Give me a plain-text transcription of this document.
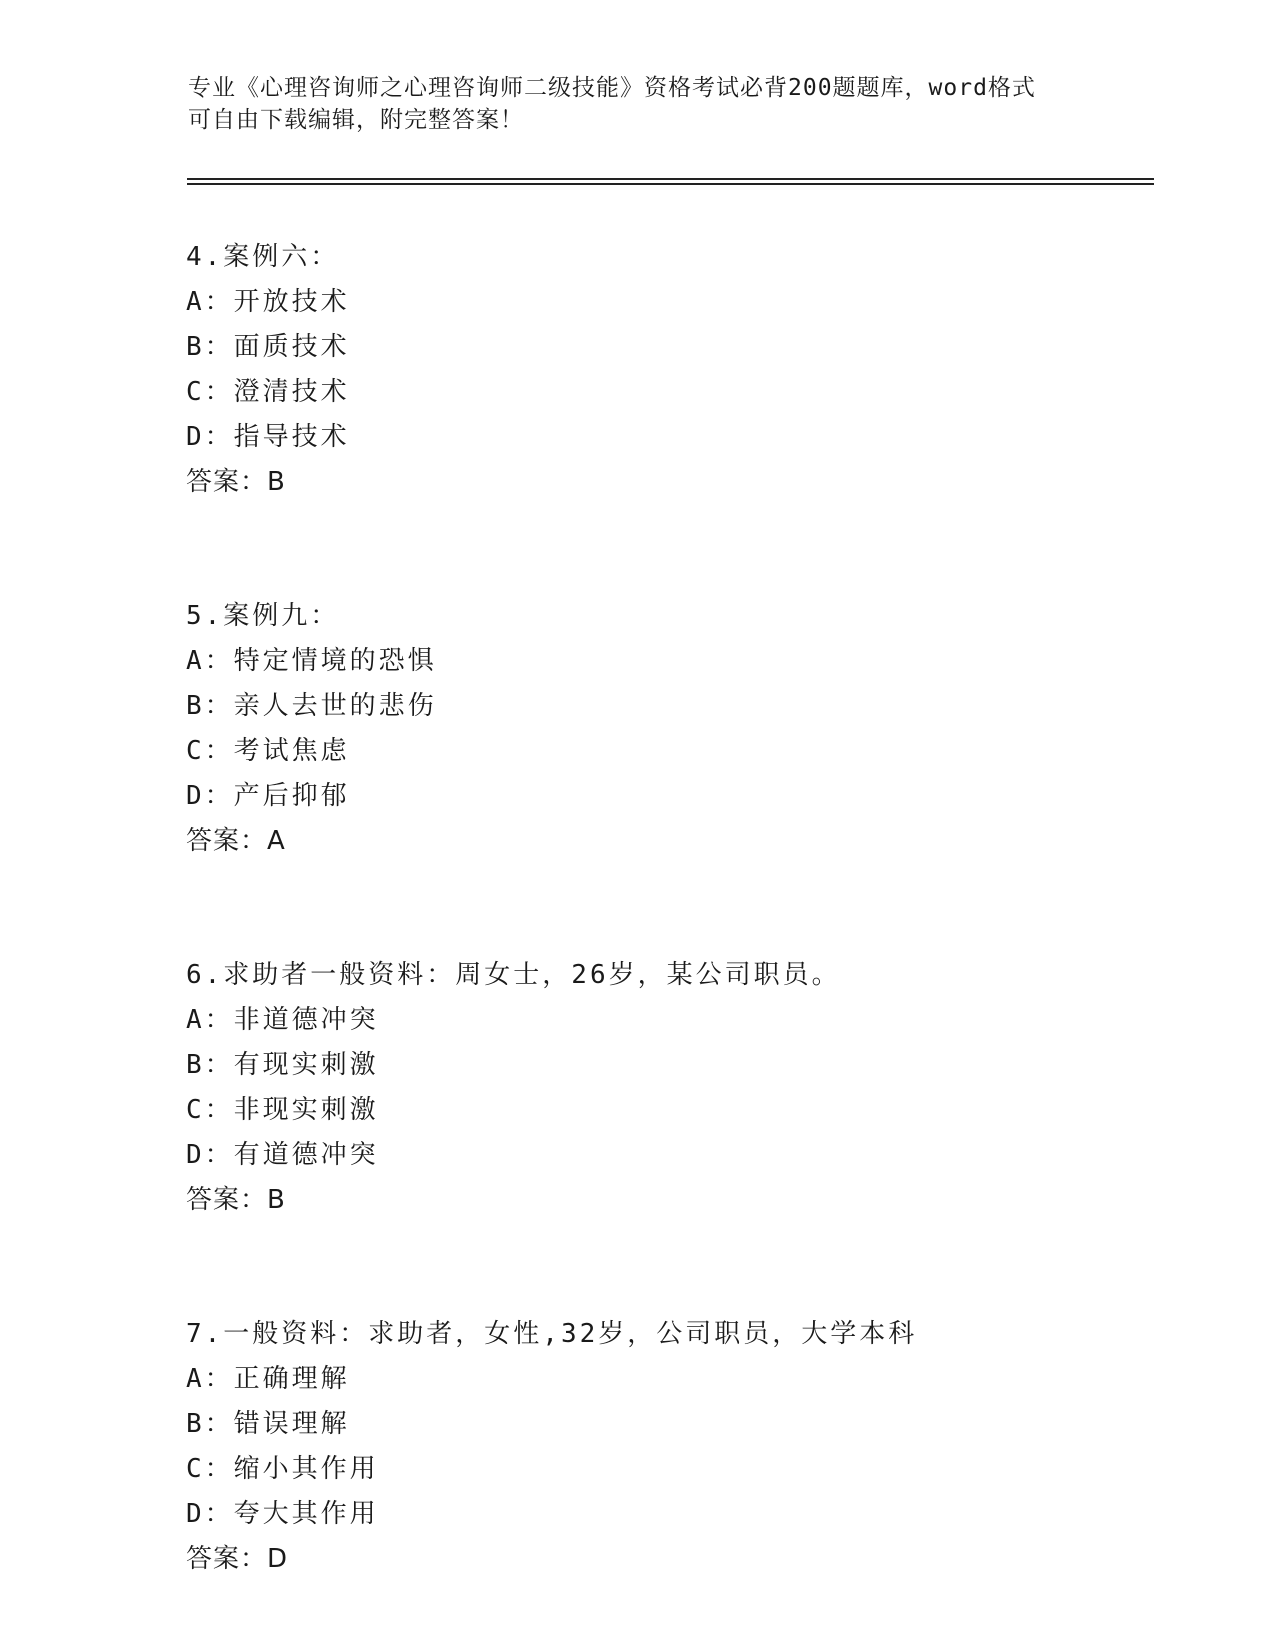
专业《心理咨询师之心理咨询师二级技能》资格考试必背200题题库，word格式
可自由下载编辑，附完整答案！
4.案例六：
A：开放技术
B：面质技术
C：澄清技术
D：指导技术
答案：B
5.案例九：
A：特定情境的恐惧
B：亲人去世的悲伤
C：考试焦虑
D：产后抑郁
答案：A
6.求助者一般资料：周女士，26岁，某公司职员。
A：非道德冲突
B：有现实刺激
C：非现实刺激
D：有道德冲突
答案：B
7.一般资料：求助者，女性,32岁，公司职员，大学本科
A：正确理解
B：错误理解
C：缩小其作用
D：夸大其作用
答案：D
